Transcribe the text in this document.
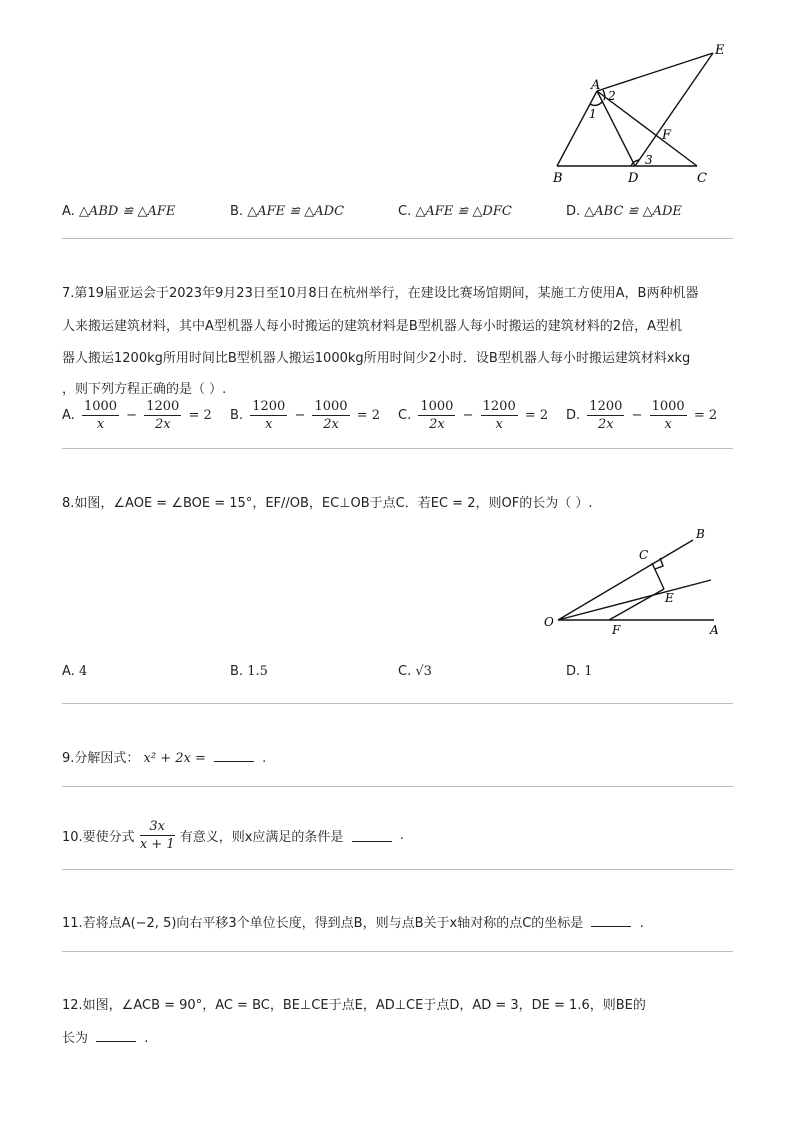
A
2
1
E
F
3
B	D	C
A. △ABD ≌ △AFE	B. △AFE ≌ △ADC	C. △AFE ≌ △DFC	D. △ABC ≌ △ADE
7.第19届亚运会于2023年9月23日至10月8日在杭州举行，在建设比赛场馆期间，某施工方使用A，B两种机器
人来搬运建筑材料，其中A型机器人每小时搬运的建筑材料是B型机器人每小时搬运的建筑材料的2倍，A型机
器人搬运1200kg所用时间比B型机器人搬运1000kg所用时间少2小时．设B型机器人每小时搬运建筑材料xkg
，则下列方程正确的是（ ）.
A. $\frac{1000}{x} - \frac{1200}{2x} = 2$ B. $\frac{1200}{x} - \frac{1000}{2x} = 2$ C. $\frac{1000}{2x} - \frac{1200}{x} = 2$ D. $\frac{1200}{2x} - \frac{1000}{x} = 2$
8.如图，∠AOE = ∠BOE = 15°，EF//OB，EC⊥OB于点C．若EC = 2，则OF的长为（ ）.
B
C
E
O
F	A
A. 4	B. 1.5	C. √3	D. 1
9.分解因式： x² + 2x =	.
10.要使分式 $\frac{3x}{x + 1}$ 有意义，则x应满足的条件是	.
11.若将点A(−2, 5)向右平移3个单位长度，得到点B，则与点B关于x轴对称的点C的坐标是	.
12.如图，∠ACB = 90°，AC = BC，BE⊥CE于点E，AD⊥CE于点D，AD = 3，DE = 1.6，则BE的
长为	.
